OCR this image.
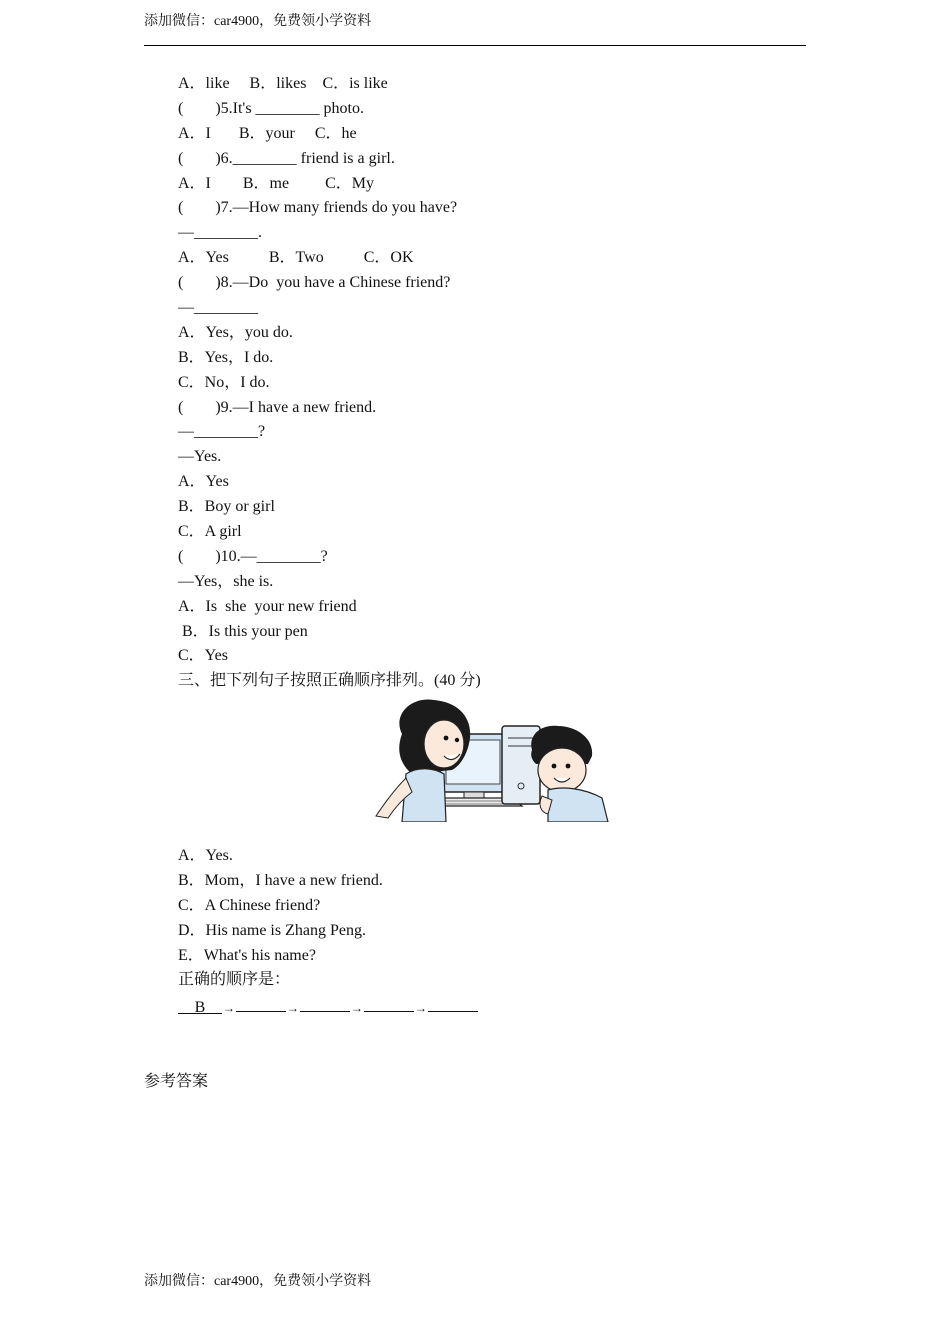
添加微信：car4900，免费领小学资料
A．like     B．likes    C．is like
(        )5.It's ________ photo.
A．I       B．your     C．he
(        )6.________ friend is a girl.
A．I        B．me         C．My
(        )7.—How many friends do you have?
—________.
A．Yes          B．Two          C．OK
(        )8.—Do  you have a Chinese friend?
—________
A．Yes，you do.
B．Yes，I do.
C．No，I do.
(        )9.—I have a new friend.
—________?
—Yes.
A．Yes
B．Boy or girl
C．A girl
(        )10.—________?
—Yes，she is.
A．Is  she  your new friend
B．Is this your pen
C．Yes
三、把下列句子按照正确顺序排列。(40 分)
A．Yes.
B．Mom，I have a new friend.
C．A Chinese friend?
D．His name is Zhang Peng.
E．What's his name?
正确的顺序是：
B →	→	→	→
参考答案
添加微信：car4900，免费领小学资料
